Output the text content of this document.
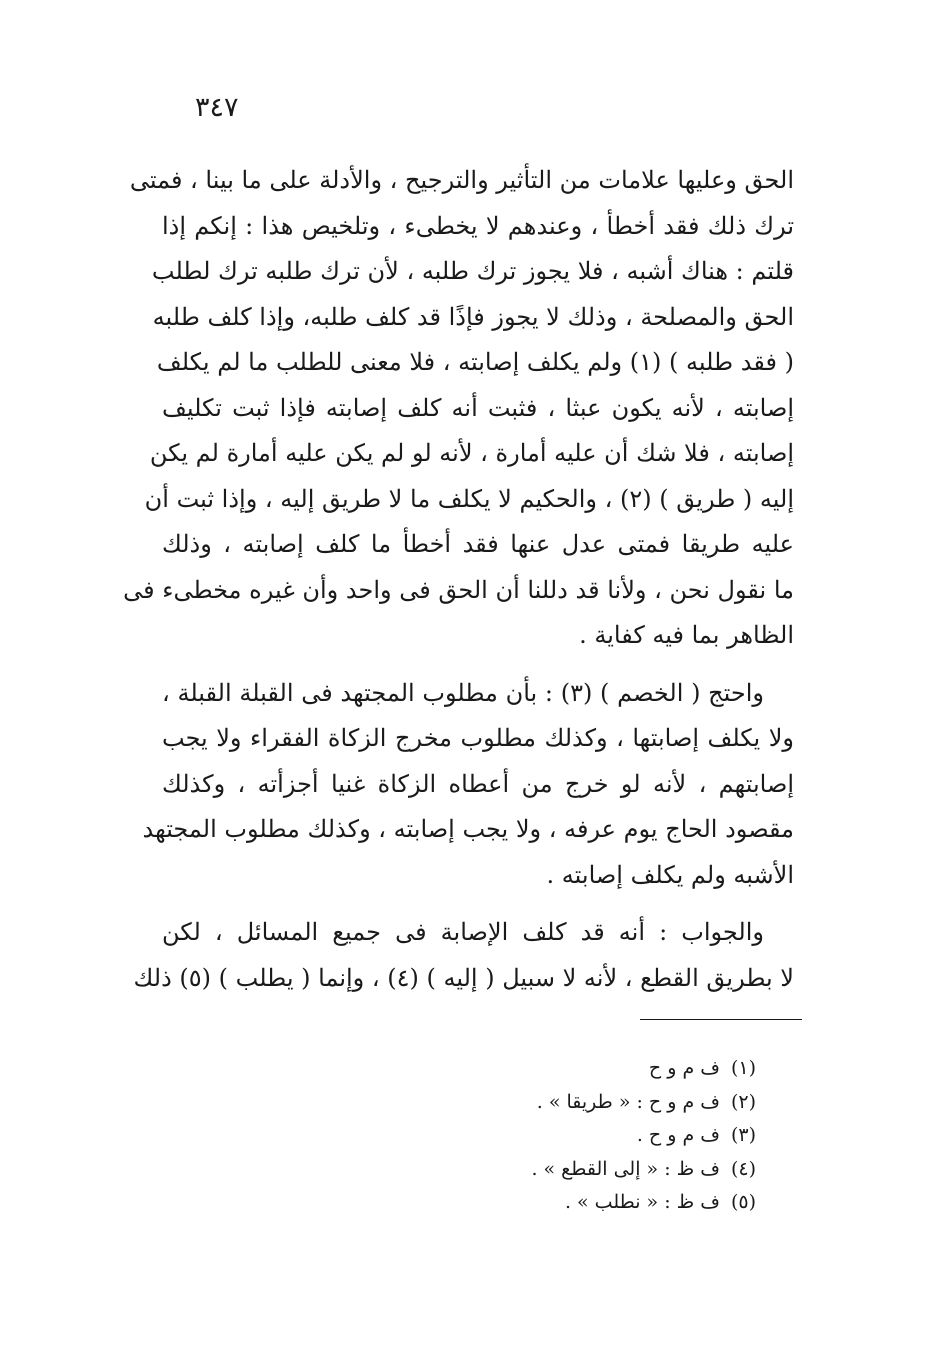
٣٤٧

الحق وعليها علامات من التأثير والترجيح ، والأدلة على ما بينا ، فمتى
ترك ذلك فقد أخطأ ، وعندهم لا يخطىء ، وتلخيص هذا : إنكم إذا
قلتم : هناك أشبه ، فلا يجوز ترك طلبه ، لأن ترك طلبه ترك لطلب
الحق والمصلحة ، وذلك لا يجوز فإذًا قد كلف طلبه، وإذا كلف طلبه
( فقد طلبه ) (١) ولم يكلف إصابته ، فلا معنى للطلب ما لم يكلف
إصابته ، لأنه يكون عبثا ، فثبت أنه كلف إصابته فإذا ثبت تكليف
إصابته ، فلا شك أن عليه أمارة ، لأنه لو لم يكن عليه أمارة لم يكن
إليه ( طريق ) (٢) ، والحكيم لا يكلف ما لا طريق إليه ، وإذا ثبت أن
عليه طريقا فمتى عدل عنها فقد أخطأ ما كلف إصابته ، وذلك
ما نقول نحن ، ولأنا قد دللنا أن الحق فى واحد وأن غيره مخطىء فى
الظاهر بما فيه كفاية .

واحتج ( الخصم ) (٣) : بأن مطلوب المجتهد فى القبلة القبلة ،
ولا يكلف إصابتها ، وكذلك مطلوب مخرج الزكاة الفقراء ولا يجب
إصابتهم ، لأنه لو خرج من أعطاه الزكاة غنيا أجزأته ، وكذلك
مقصود الحاج يوم عرفه ، ولا يجب إصابته ، وكذلك مطلوب المجتهد
الأشبه ولم يكلف إصابته .

والجواب : أنه قد كلف الإصابة فى جميع المسائل ، لكن
لا بطريق القطع ، لأنه لا سبيل ( إليه ) (٤) ، وإنما ( يطلب ) (٥) ذلك

(١) ف م و ح
(٢) ف م و ح : « طريقا » .
(٣) ف م و ح .
(٤) ف ظ : « إلى القطع » .
(٥) ف ظ : « نطلب » .
